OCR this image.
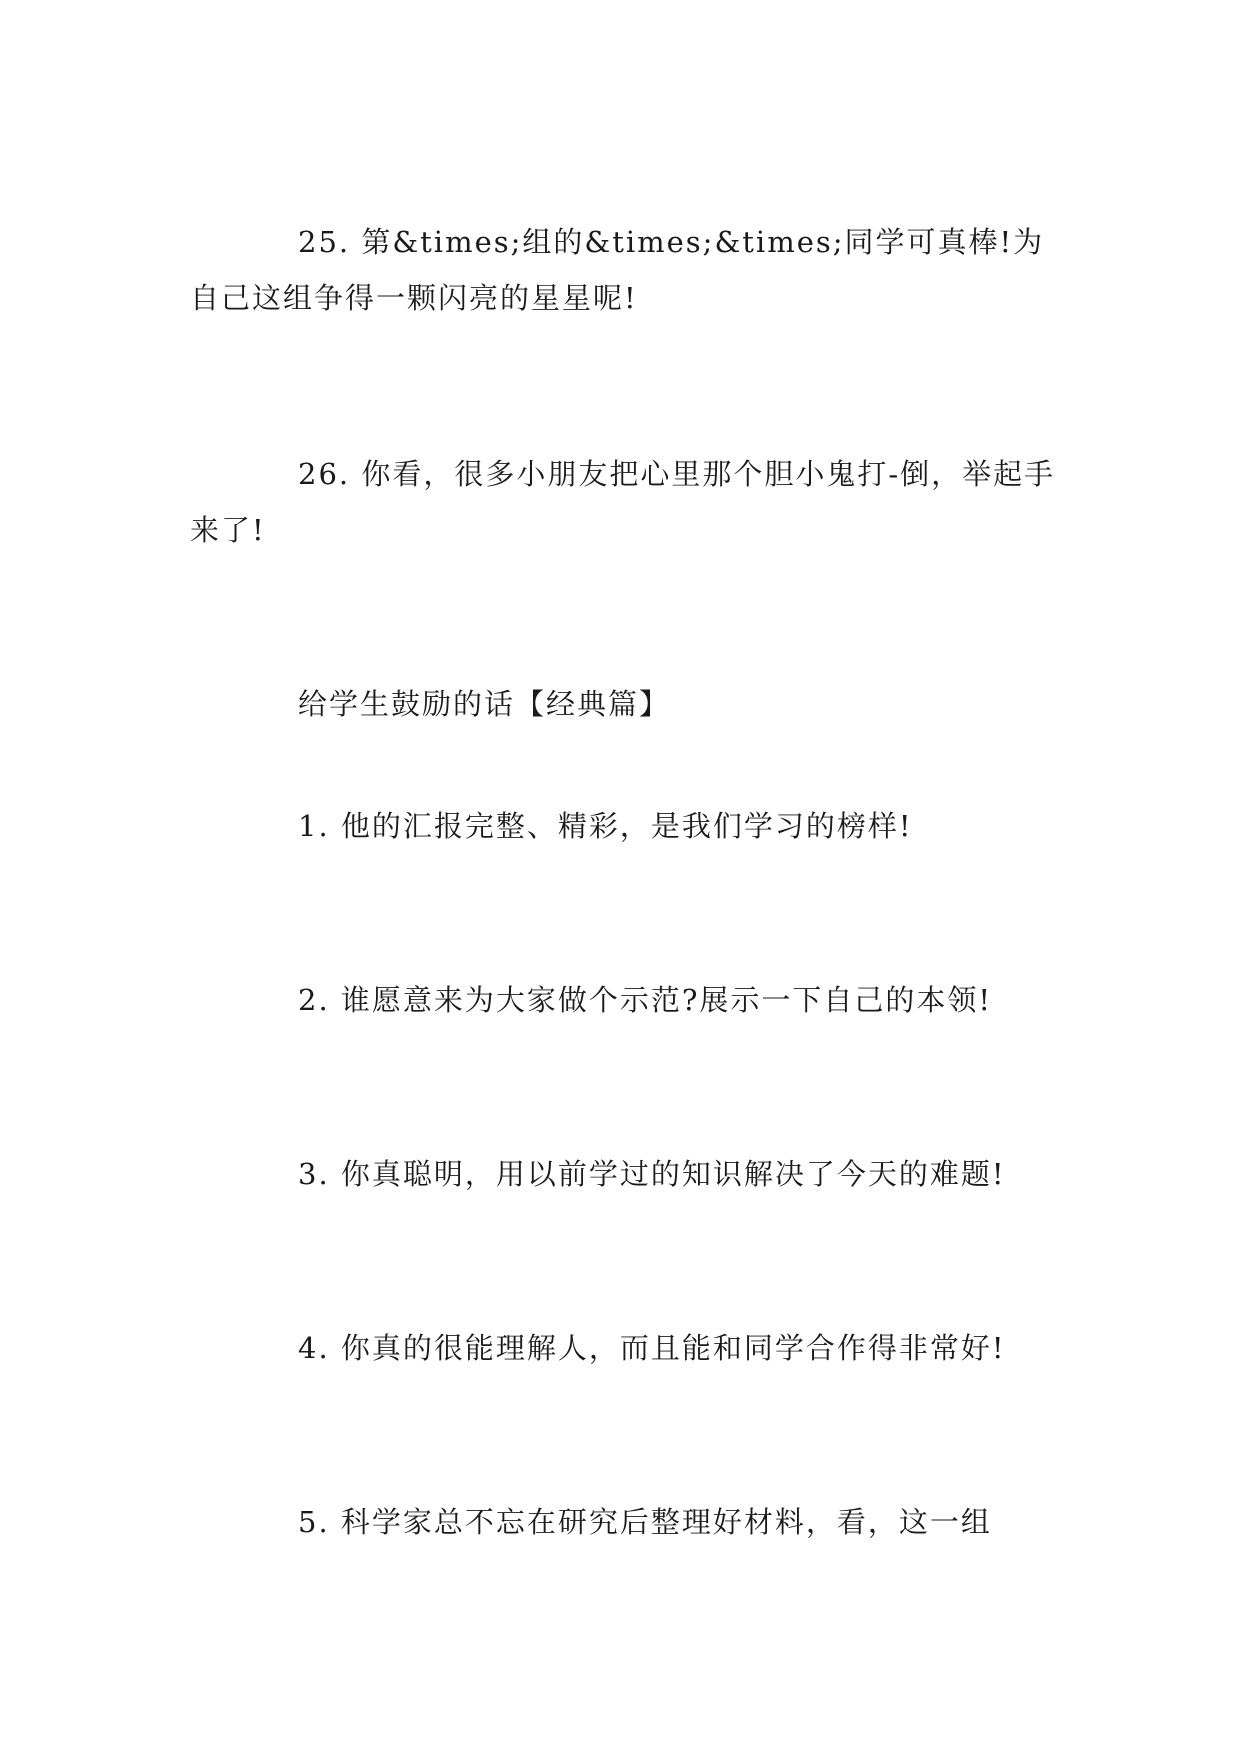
25. 第&times;组的&times;&times;同学可真棒!为自己这组争得一颗闪亮的星星呢!
26. 你看，很多小朋友把心里那个胆小鬼打-倒，举起手来了!
给学生鼓励的话【经典篇】
1. 他的汇报完整、精彩，是我们学习的榜样!
2. 谁愿意来为大家做个示范?展示一下自己的本领!
3. 你真聪明，用以前学过的知识解决了今天的难题!
4. 你真的很能理解人，而且能和同学合作得非常好!
5. 科学家总不忘在研究后整理好材料，看，这一组
